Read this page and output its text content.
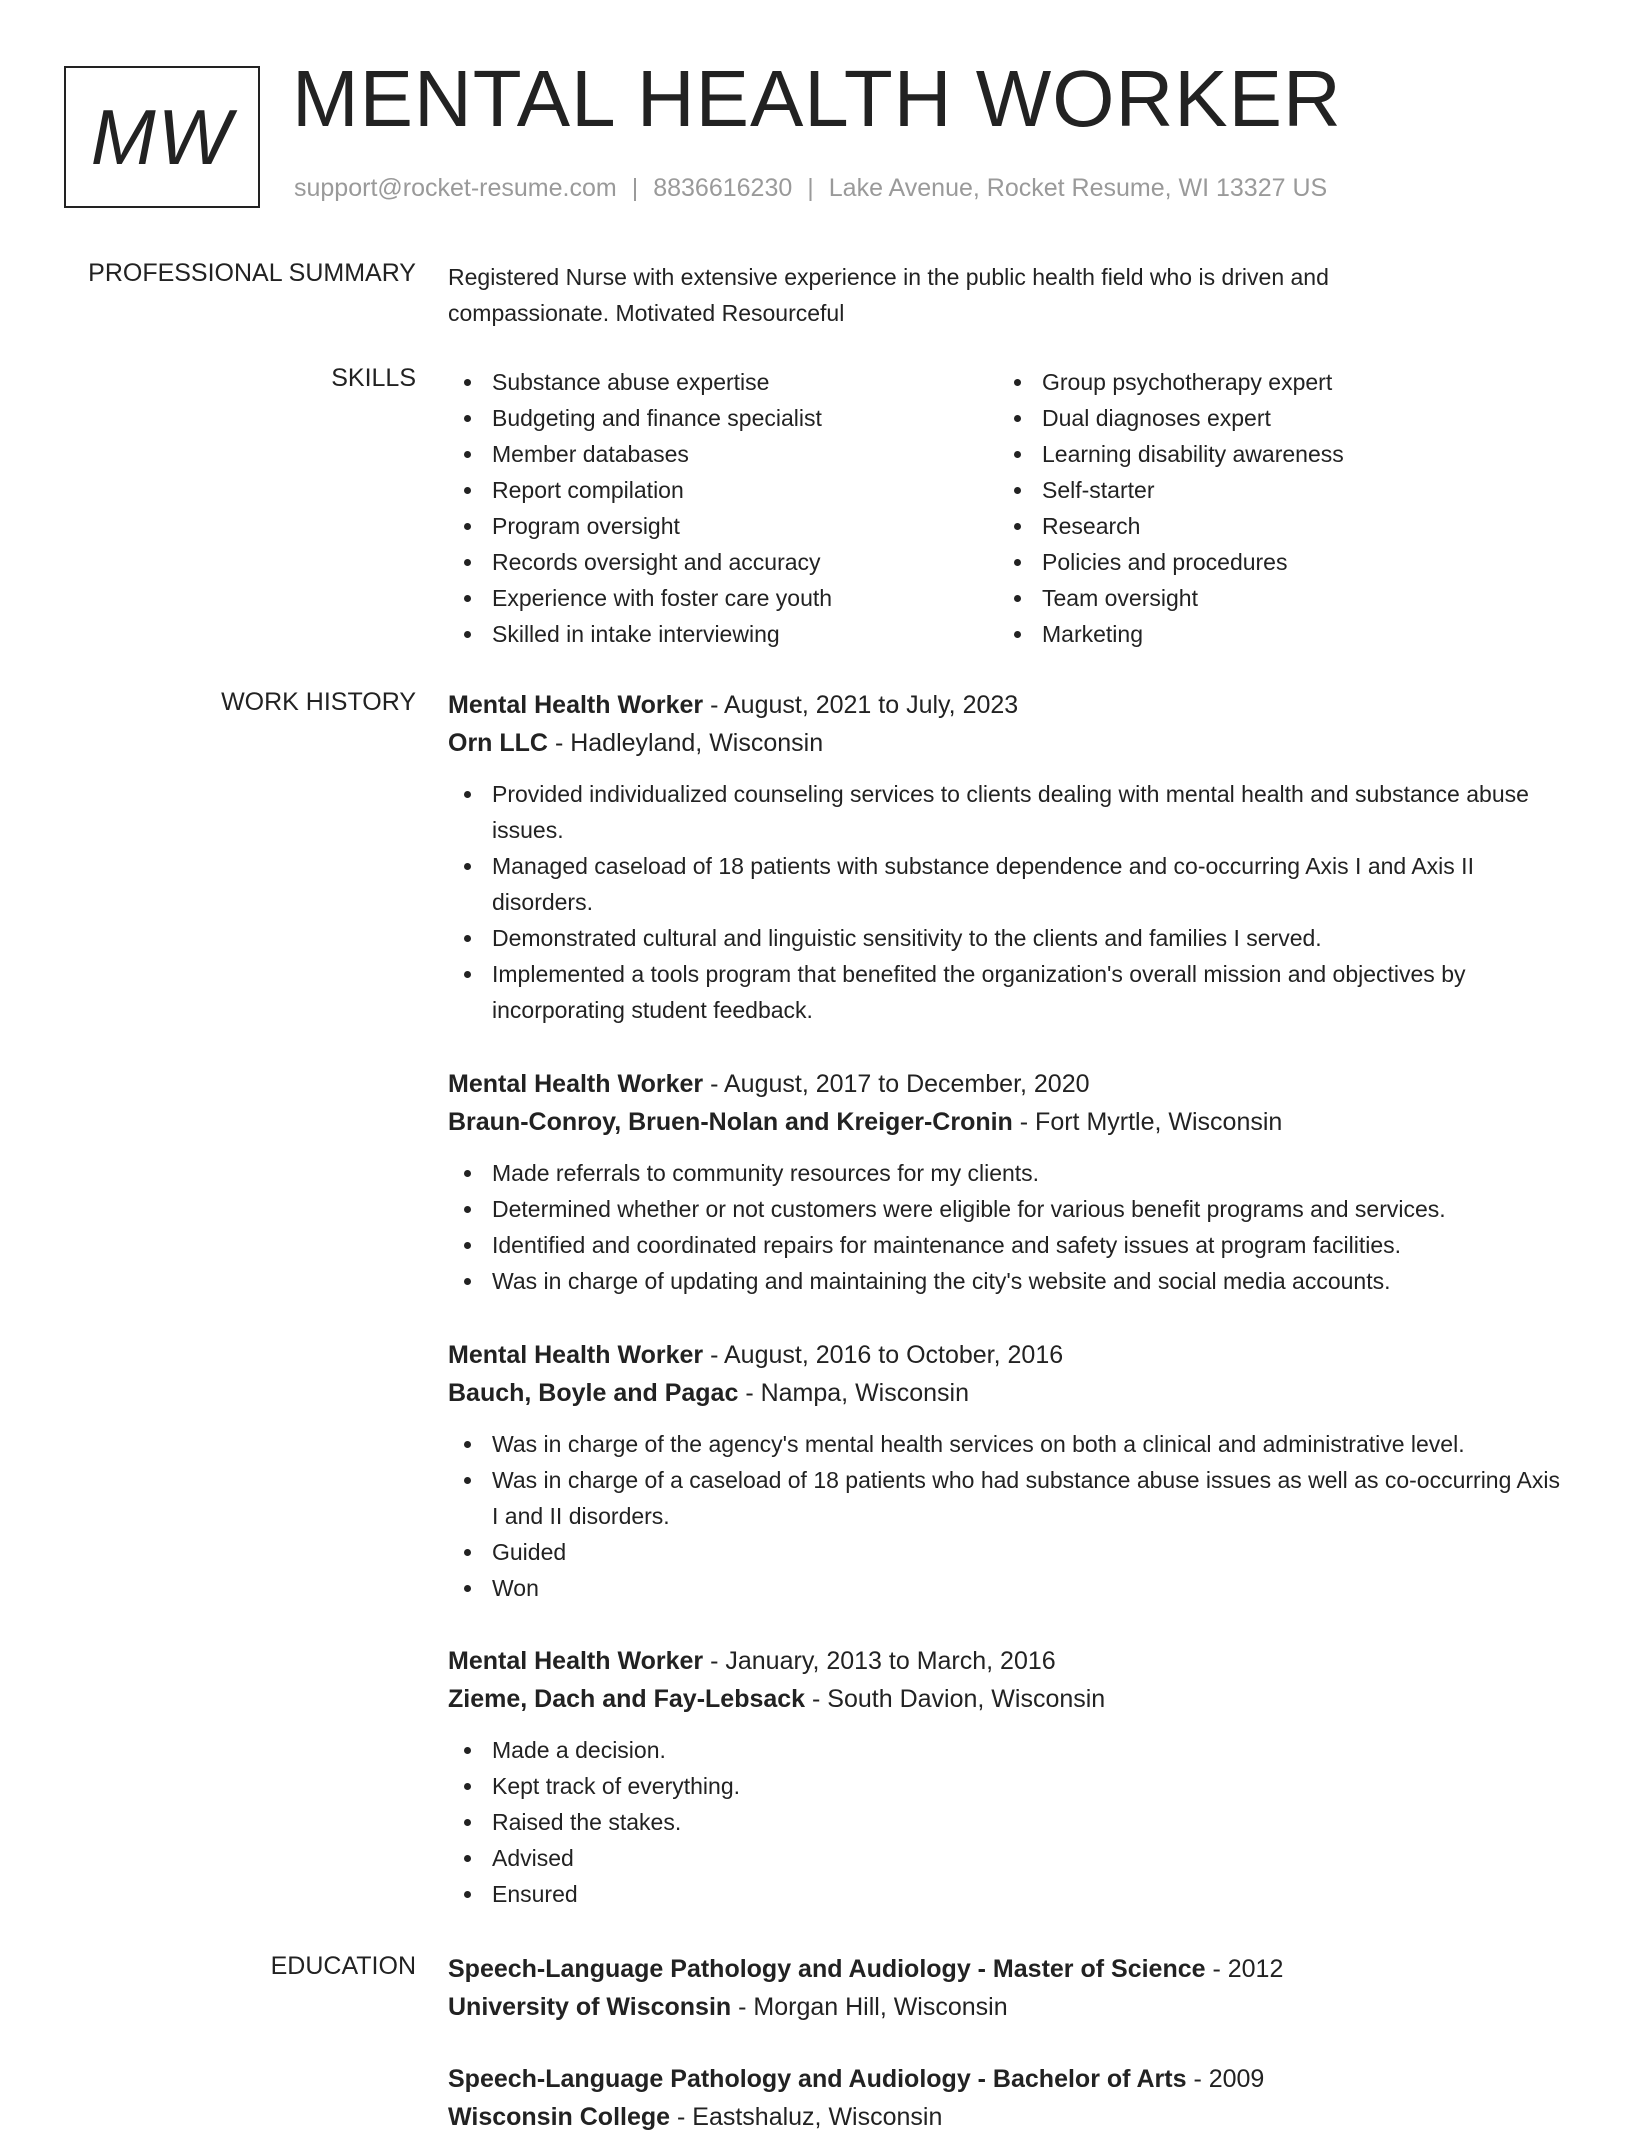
MW MENTAL HEALTH WORKER
support@rocket-resume.com | 8836616230 | Lake Avenue, Rocket Resume, WI 13327 US
PROFESSIONAL SUMMARY Registered Nurse with extensive experience in the public health field who is driven and compassionate. Motivated Resourceful

SKILLS	Substance abuse expertise
Budgeting and finance specialist
Member databases
Report compilation
Program oversight
Records oversight and accuracy
Experience with foster care youth
Skilled in intake interviewing
Group psychotherapy expert
Dual diagnoses expert
Learning disability awareness
Self-starter
Research
Policies and procedures
Team oversight
Marketing
WORK HISTORY Mental Health Worker - August, 2021 to July, 2023
Orn LLC - Hadleyland, Wisconsin
Provided individualized counseling services to clients dealing with mental health and substance abuse issues.
Managed caseload of 18 patients with substance dependence and co-occurring Axis I and Axis II disorders.
Demonstrated cultural and linguistic sensitivity to the clients and families I served.
Implemented a tools program that benefited the organization's overall mission and objectives by incorporating student feedback.
Mental Health Worker - August, 2017 to December, 2020
Braun-Conroy, Bruen-Nolan and Kreiger-Cronin - Fort Myrtle, Wisconsin
Made referrals to community resources for my clients.
Determined whether or not customers were eligible for various benefit programs and services.
Identified and coordinated repairs for maintenance and safety issues at program facilities.
Was in charge of updating and maintaining the city's website and social media accounts.
Mental Health Worker - August, 2016 to October, 2016
Bauch, Boyle and Pagac - Nampa, Wisconsin
Was in charge of the agency's mental health services on both a clinical and administrative level.
Was in charge of a caseload of 18 patients who had substance abuse issues as well as co-occurring Axis I and II disorders.
Guided
Won
Mental Health Worker - January, 2013 to March, 2016
Zieme, Dach and Fay-Lebsack - South Davion, Wisconsin
Made a decision.
Kept track of everything.
Raised the stakes.
Advised
Ensured
EDUCATION Speech-Language Pathology and Audiology - Master of Science - 2012
University of Wisconsin - Morgan Hill, Wisconsin
Speech-Language Pathology and Audiology - Bachelor of Arts - 2009
Wisconsin College - Eastshaluz, Wisconsin
